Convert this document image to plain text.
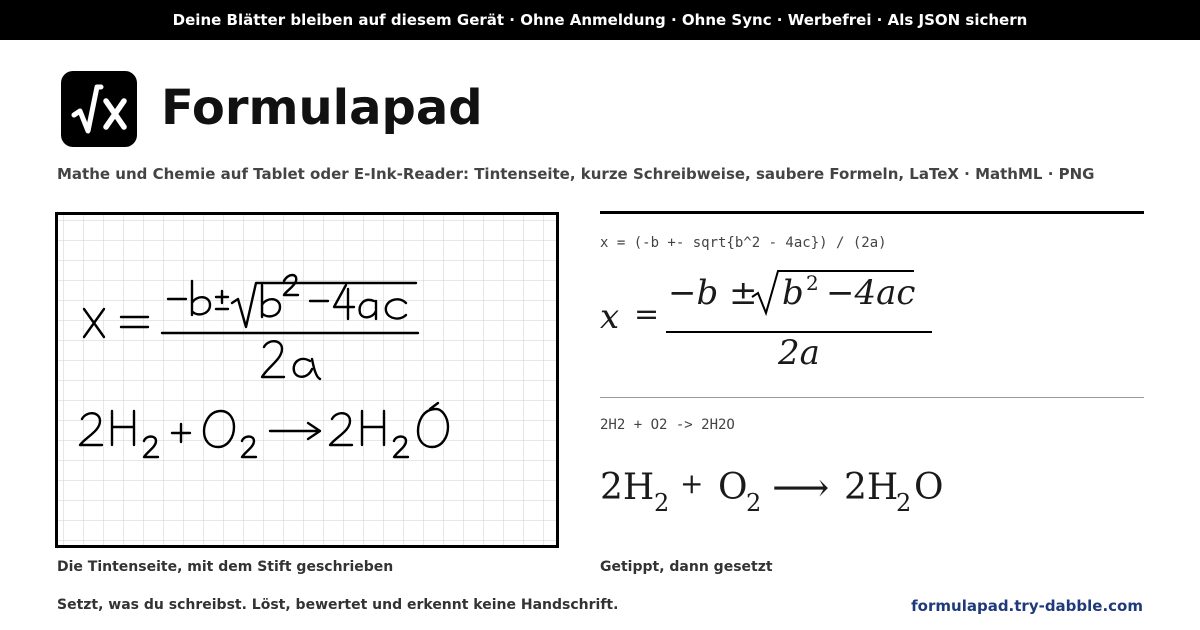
Deine Blätter bleiben auf diesem Gerät · Ohne Anmeldung · Ohne Sync · Werbefrei · Als JSON sichern
Formulapad
Mathe und Chemie auf Tablet oder E-Ink-Reader: Tintenseite, kurze Schreibweise, saubere Formeln, LaTeX · MathML · PNG
Die Tintenseite, mit dem Stift geschrieben
x = (-b +- sqrt{b^2 - 4ac}) / (2a)
x =
−b ± b 2 −4ac
2a
2H2 + O2 -> 2H2O
2H 2
+ O
2 ⟶ 2H
2 O
Getippt, dann gesetzt
Setzt, was du schreibst. Löst, bewertet und erkennt keine Handschrift.	formulapad.try-dabble.com
